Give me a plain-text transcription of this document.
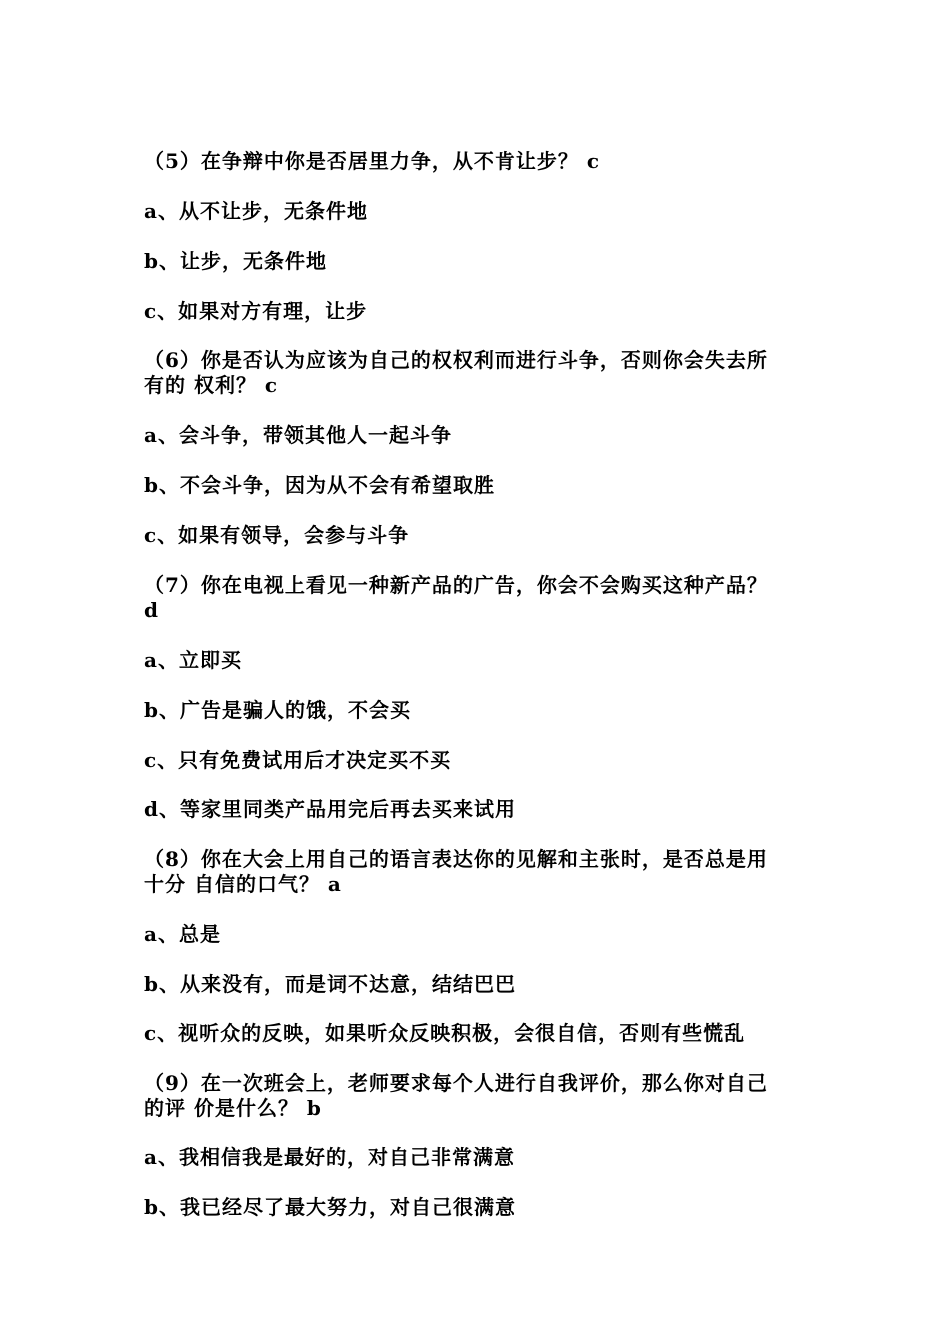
（5）在争辩中你是否居里力争，从不肯让步？ c
a、从不让步，无条件地
b、让步，无条件地
c、如果对方有理，让步
（6）你是否认为应该为自己的权权利而进行斗争，否则你会失去所
有的 权利？ c
a、会斗争，带领其他人一起斗争
b、不会斗争，因为从不会有希望取胜
c、如果有领导，会参与斗争
（7）你在电视上看见一种新产品的广告，你会不会购买这种产品？
d
a、立即买
b、广告是骗人的饿，不会买
c、只有免费试用后才决定买不买
d、等家里同类产品用完后再去买来试用
（8）你在大会上用自己的语言表达你的见解和主张时，是否总是用
十分 自信的口气？ a
a、总是
b、从来没有，而是词不达意，结结巴巴
c、视听众的反映，如果听众反映积极，会很自信，否则有些慌乱
（9）在一次班会上，老师要求每个人进行自我评价，那么你对自己
的评 价是什么？ b
a、我相信我是最好的，对自己非常满意
b、我已经尽了最大努力，对自己很满意
